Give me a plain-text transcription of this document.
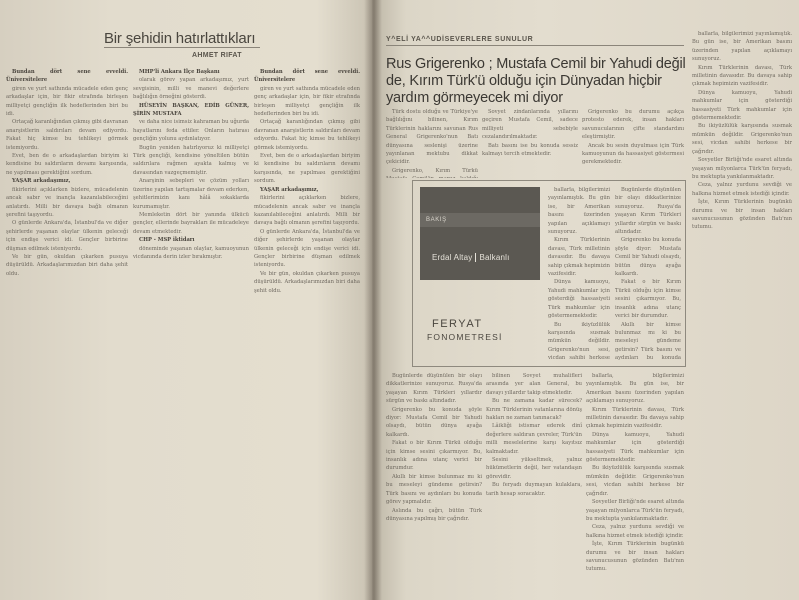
Bir şehidin hatırlattıkları
AHMET RIFAT
Bundan dört sene evveldi. Üniversitelere
giren ve yurt sathında mücadele eden genç arkadaşlar için, bir fikir etrafında birleşen milliyetçi gençliğin ilk hedeflerinden biri bu idi.
Ortaçağ karanlığından çıkmış gibi davranan anarşistlerin saldırıları devam ediyordu. Fakat hiç kimse bu tehlikeyi görmek istemiyordu.
Evet, ben de o arkadaşlardan biriyim ki kendisine bu saldırıların devamı karşısında, ne yapılması gerektiğini sordum.
YAŞAR arkadaşımız,
fikirlerini açıklarken bizlere, mücadelenin ancak sabır ve inançla kazanılabileceğini anlatırdı. Milli bir davaya bağlı olmanın şerefini taşıyordu.
O günlerde Ankara'da, İstanbul'da ve diğer şehirlerde yaşanan olaylar ülkenin geleceği için endişe verici idi. Gençler birbirine düşman edilmek isteniyordu.
Ve bir gün, okuldan çıkarken pusuya düşürüldü. Arkadaşlarımızdan biri daha şehit oldu.
MHP'li Ankara İlçe Başkanı
olarak görev yapan arkadaşımız, yurt sevgisinin, milli ve manevi değerlere bağlılığın örneğini gösterdi.
HÜSEYİN BAŞKAN, EDİB GÜNER, ŞİRİN MUSTAFA
ve daha nice isimsiz kahraman bu uğurda hayatlarını feda ettiler. Onların hatırası gençliğin yolunu aydınlatıyor.
Bugün yeniden hatırlıyoruz ki milliyetçi Türk gençliği, kendisine yöneltilen bütün saldırılara rağmen ayakta kalmış ve davasından vazgeçmemiştir.
Anarşinin sebepleri ve çözüm yolları üzerine yapılan tartışmalar devam ederken, şehitlerimizin kanı hâlâ sokaklarda kurumamıştır.
Memleketin dört bir yanında ülkücü gençler, ellerinde bayrakları ile mücadeleye devam etmektedir.
CHP - MSP iktidarı
döneminde yaşanan olaylar, kamuoyunun vicdanında derin izler bırakmıştır.
Bundan dört sene evveldi. Üniversitelere
giren ve yurt sathında mücadele eden genç arkadaşlar için, bir fikir etrafında birleşen milliyetçi gençliğin ilk hedeflerinden biri bu idi.
Ortaçağ karanlığından çıkmış gibi davranan anarşistlerin saldırıları devam ediyordu. Fakat hiç kimse bu tehlikeyi görmek istemiyordu.
Evet, ben de o arkadaşlardan biriyim ki kendisine bu saldırıların devamı karşısında, ne yapılması gerektiğini sordum.
YAŞAR arkadaşımız,
fikirlerini açıklarken bizlere, mücadelenin ancak sabır ve inançla kazanılabileceğini anlatırdı. Milli bir davaya bağlı olmanın şerefini taşıyordu.
O günlerde Ankara'da, İstanbul'da ve diğer şehirlerde yaşanan olaylar ülkenin geleceği için endişe verici idi. Gençler birbirine düşman edilmek isteniyordu.
Ve bir gün, okuldan çıkarken pusuya düşürüldü. Arkadaşlarımızdan biri daha şehit oldu.
Y^ELİ YA^^UDİSEVERLERE SUNULUR
Rus Grigerenko ; Mustafa Cemil bir Yahudi değil de, Kırım Türk'ü olduğu için Dünyadan hiçbir yardım görmeyecek mi diyor
Türk dostu olduğu ve Türkiye'ye bağlılığını bilinen, Kırım Türklerinin haklarını savunan Rus General Grigerenko'nun Batı dünyasına seslenişi üzerine yayınlanan mektubu dikkat çekicidir.
Grigerenko, Kırım Türkü
Sovyet zindanlarında yıllarını geçiren Mustafa Cemil, sadece milliyeti sebebiyle cezalandırılmaktadır.
Batı basını ise bu konuda sessiz kalmayı tercih etmektedir.
Grigerenko bu durumu açıkça protesto ederek, insan hakları savunucularının çifte standardını eleştirmiştir.
Ancak bu sesin duyulması için Türk kamuoyunun da hassasiyet göstermesi gerekmektedir.
BAKIŞ
Erdal Altay Balkanlı
FERYAT
FONOMETRESİ
ballarla, bilgilerimizi yayınlamıştık. Bu gün ise, bir Amerikan basını üzerinden yapılan açıklamayı sunuyoruz.
Kırım Türklerinin davası, Türk milletinin davasıdır. Bu davaya sahip çıkmak hepimizin vazifesidir.
Dünya kamuoyu, Yahudi mahkumlar için gösterdiği hassasiyeti Türk mahkumlar için göstermemektedir.
Bu ikiyüzlülük karşısında susmak mümkün değildir. Grigerenko'nun sesi, vicdan sahibi herkese
Bugünlerde düşünülen bir olayı dikkatlerinize sunuyoruz. Rusya'da yaşayan Kırım Türkleri yıllardır sürgün ve baskı altındadır.
Grigerenko bu konuda şöyle diyor: Mustafa Cemil bir Yahudi olsaydı, bütün dünya ayağa kalkardı.
Fakat o bir Kırım Türkü olduğu için kimse sesini çıkarmıyor. Bu, insanlık adına utanç verici bir durumdur.
Akıllı bir kimse bulunmaz mı ki bu meseleyi gündeme getirsin? Türk basını ve aydınları bu konuda
Bugünlerde düşünülen bir olayı dikkatlerinize sunuyoruz. Rusya'da yaşayan Kırım Türkleri yıllardır sürgün ve baskı altındadır.
Grigerenko bu konuda şöyle diyor: Mustafa Cemil bir Yahudi olsaydı, bütün dünya ayağa kalkardı.
Fakat o bir Kırım Türkü olduğu için kimse sesini çıkarmıyor. Bu, insanlık adına utanç verici bir durumdur.
Akıllı bir kimse bulunmaz mı ki bu meseleyi gündeme getirsin? Türk basını ve aydınları bu konuda görev yapmalıdır.
Aslında bu çağrı, bütün Türk dünyasına yapılmış bir çağrıdır.
bilinen Sovyet muhalifleri arasında yer alan General, bu davayı yıllardır takip etmektedir.
Bu ne zamana kadar sürecek? Kırım Türklerinin vatanlarına dönüş hakları ne zaman tanınacak?
Lâikliği istismar ederek dinî değerlere saldıran çevreler, Türk'ün milli meselelerine karşı kayıtsız kalmaktadır.
Sesini yükseltmek, yalnız hükümetlerin değil, her vatandaşın görevidir.
Bu feryadı duymayan kulaklara, tarih hesap soracaktır.
ballarla, bilgilerimizi yayınlamıştık. Bu gün ise, bir Amerikan basını üzerinden yapılan açıklamayı sunuyoruz.
Kırım Türklerinin davası, Türk milletinin davasıdır. Bu davaya sahip çıkmak hepimizin vazifesidir.
Dünya kamuoyu, Yahudi mahkumlar için gösterdiği hassasiyeti Türk mahkumlar için göstermemektedir.
Bu ikiyüzlülük karşısında susmak mümkün değildir. Grigerenko'nun sesi, vicdan sahibi herkese bir çağrıdır.
Sovyetler Birliği'nde esaret altında yaşayan milyonlarca Türk'ün feryadı, bu mektupta yankılanmaktadır.
Ceza, yalnız yurdunu sevdiği ve halkına hizmet etmek istediği içindir.
İşte, Kırım Türklerinin bugünkü durumu ve bir insan hakları savunucusunun gözünden Batı'nın tutumu.
ballarla, bilgilerimizi yayınlamıştık. Bu gün ise, bir Amerikan basını üzerinden yapılan açıklamayı sunuyoruz.
Kırım Türklerinin davası, Türk milletinin davasıdır. Bu davaya sahip çıkmak hepimizin vazifesidir.
Dünya kamuoyu, Yahudi mahkumlar için gösterdiği hassasiyeti Türk mahkumlar için göstermemektedir.
Bu ikiyüzlülük karşısında susmak mümkün değildir. Grigerenko'nun sesi, vicdan sahibi herkese bir çağrıdır.
Sovyetler Birliği'nde esaret altında yaşayan milyonlarca Türk'ün feryadı, bu mektupta yankılanmaktadır.
Ceza, yalnız yurdunu sevdiği ve halkına hizmet etmek istediği içindir.
İşte, Kırım Türklerinin bugünkü durumu ve bir insan hakları savunucusunun gözünden Batı'nın tutumu.
